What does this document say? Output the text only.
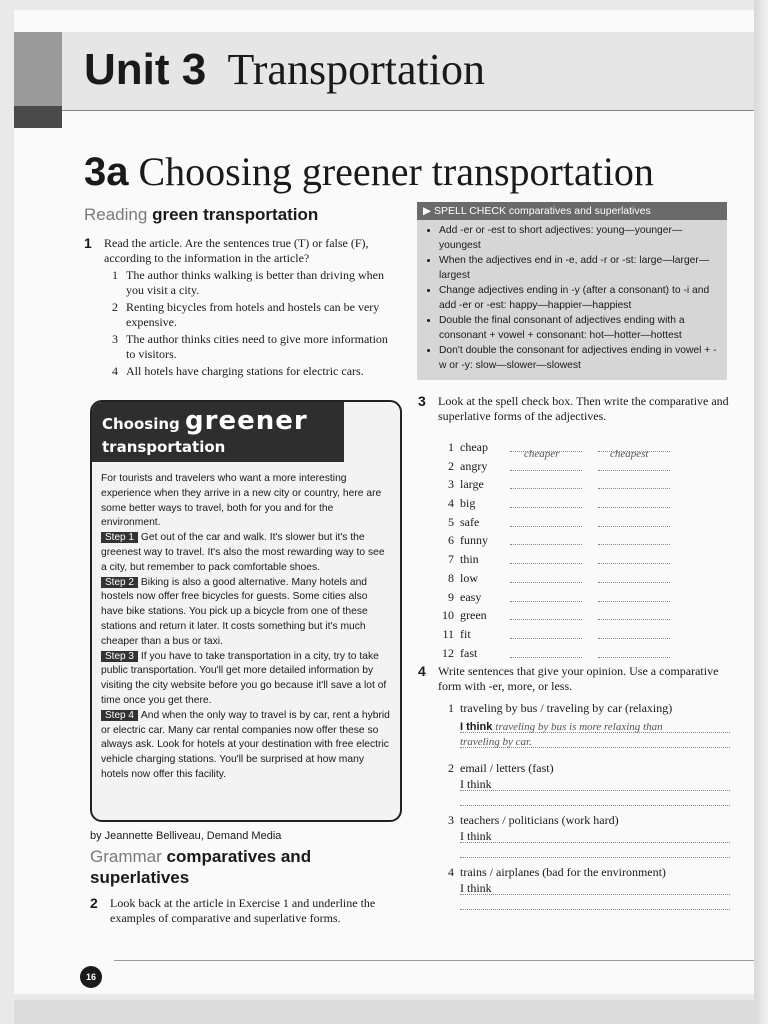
Unit 3 Transportation
3a Choosing greener transportation
Reading green transportation
1 Read the article. Are the sentences true (T) or false (F), according to the information in the article?
1 The author thinks walking is better than driving when you visit a city.
2 Renting bicycles from hotels and hostels can be very expensive.
3 The author thinks cities need to give more information to visitors.
4 All hotels have charging stations for electric cars.
Choosing greener
transportation

For tourists and travelers who want a more interesting experience when they arrive in a new city or country, here are some better ways to travel, both for you and for the environment.

Step 1 Get out of the car and walk. It's slower but it's the greenest way to travel. It's also the most rewarding way to see a city, but remember to pack comfortable shoes.

Step 2 Biking is also a good alternative. Many hotels and hostels now offer free bicycles for guests. Some cities also have bike stations. You pick up a bicycle from one of these stations and return it later. It costs something but it's much cheaper than a bus or taxi.

Step 3 If you have to take transportation in a city, try to take public transportation. You'll get more detailed information by visiting the city website before you go because it'll save a lot of time once you get there.

Step 4 And when the only way to travel is by car, rent a hybrid or electric car. Many car rental companies now offer these so always ask. Look for hotels at your destination with free electric vehicle charging stations. You'll be surprised at how many hotels now offer this facility.

by Jeannette Belliveau, Demand Media
Grammar comparatives and superlatives
2 Look back at the article in Exercise 1 and underline the examples of comparative and superlative forms.
▶ SPELL CHECK comparatives and superlatives
• Add -er or -est to short adjectives: young—younger—youngest
• When the adjectives end in -e, add -r or -st: large—larger—largest
• Change adjectives ending in -y (after a consonant) to -i and add -er or -est: happy—happier—happiest
• Double the final consonant of adjectives ending with a consonant + vowel + consonant: hot—hotter—hottest
• Don't double the consonant for adjectives ending in vowel + -w or -y: slow—slower—slowest
3 Look at the spell check box. Then write the comparative and superlative forms of the adjectives.
1 cheap	cheaper	cheapest
2 angry
3 large
4 big
5 safe
6 funny
7 thin
8 low
9 easy
10 green
11 fit
12 fast
4 Write sentences that give your opinion. Use a comparative form with -er, more, or less.
1 traveling by bus / traveling by car (relaxing)
I think traveling by bus is more relaxing than
traveling by car.
2 email / letters (fast)
I think
3 teachers / politicians (work hard)
I think
4 trains / airplanes (bad for the environment)
I think
16
